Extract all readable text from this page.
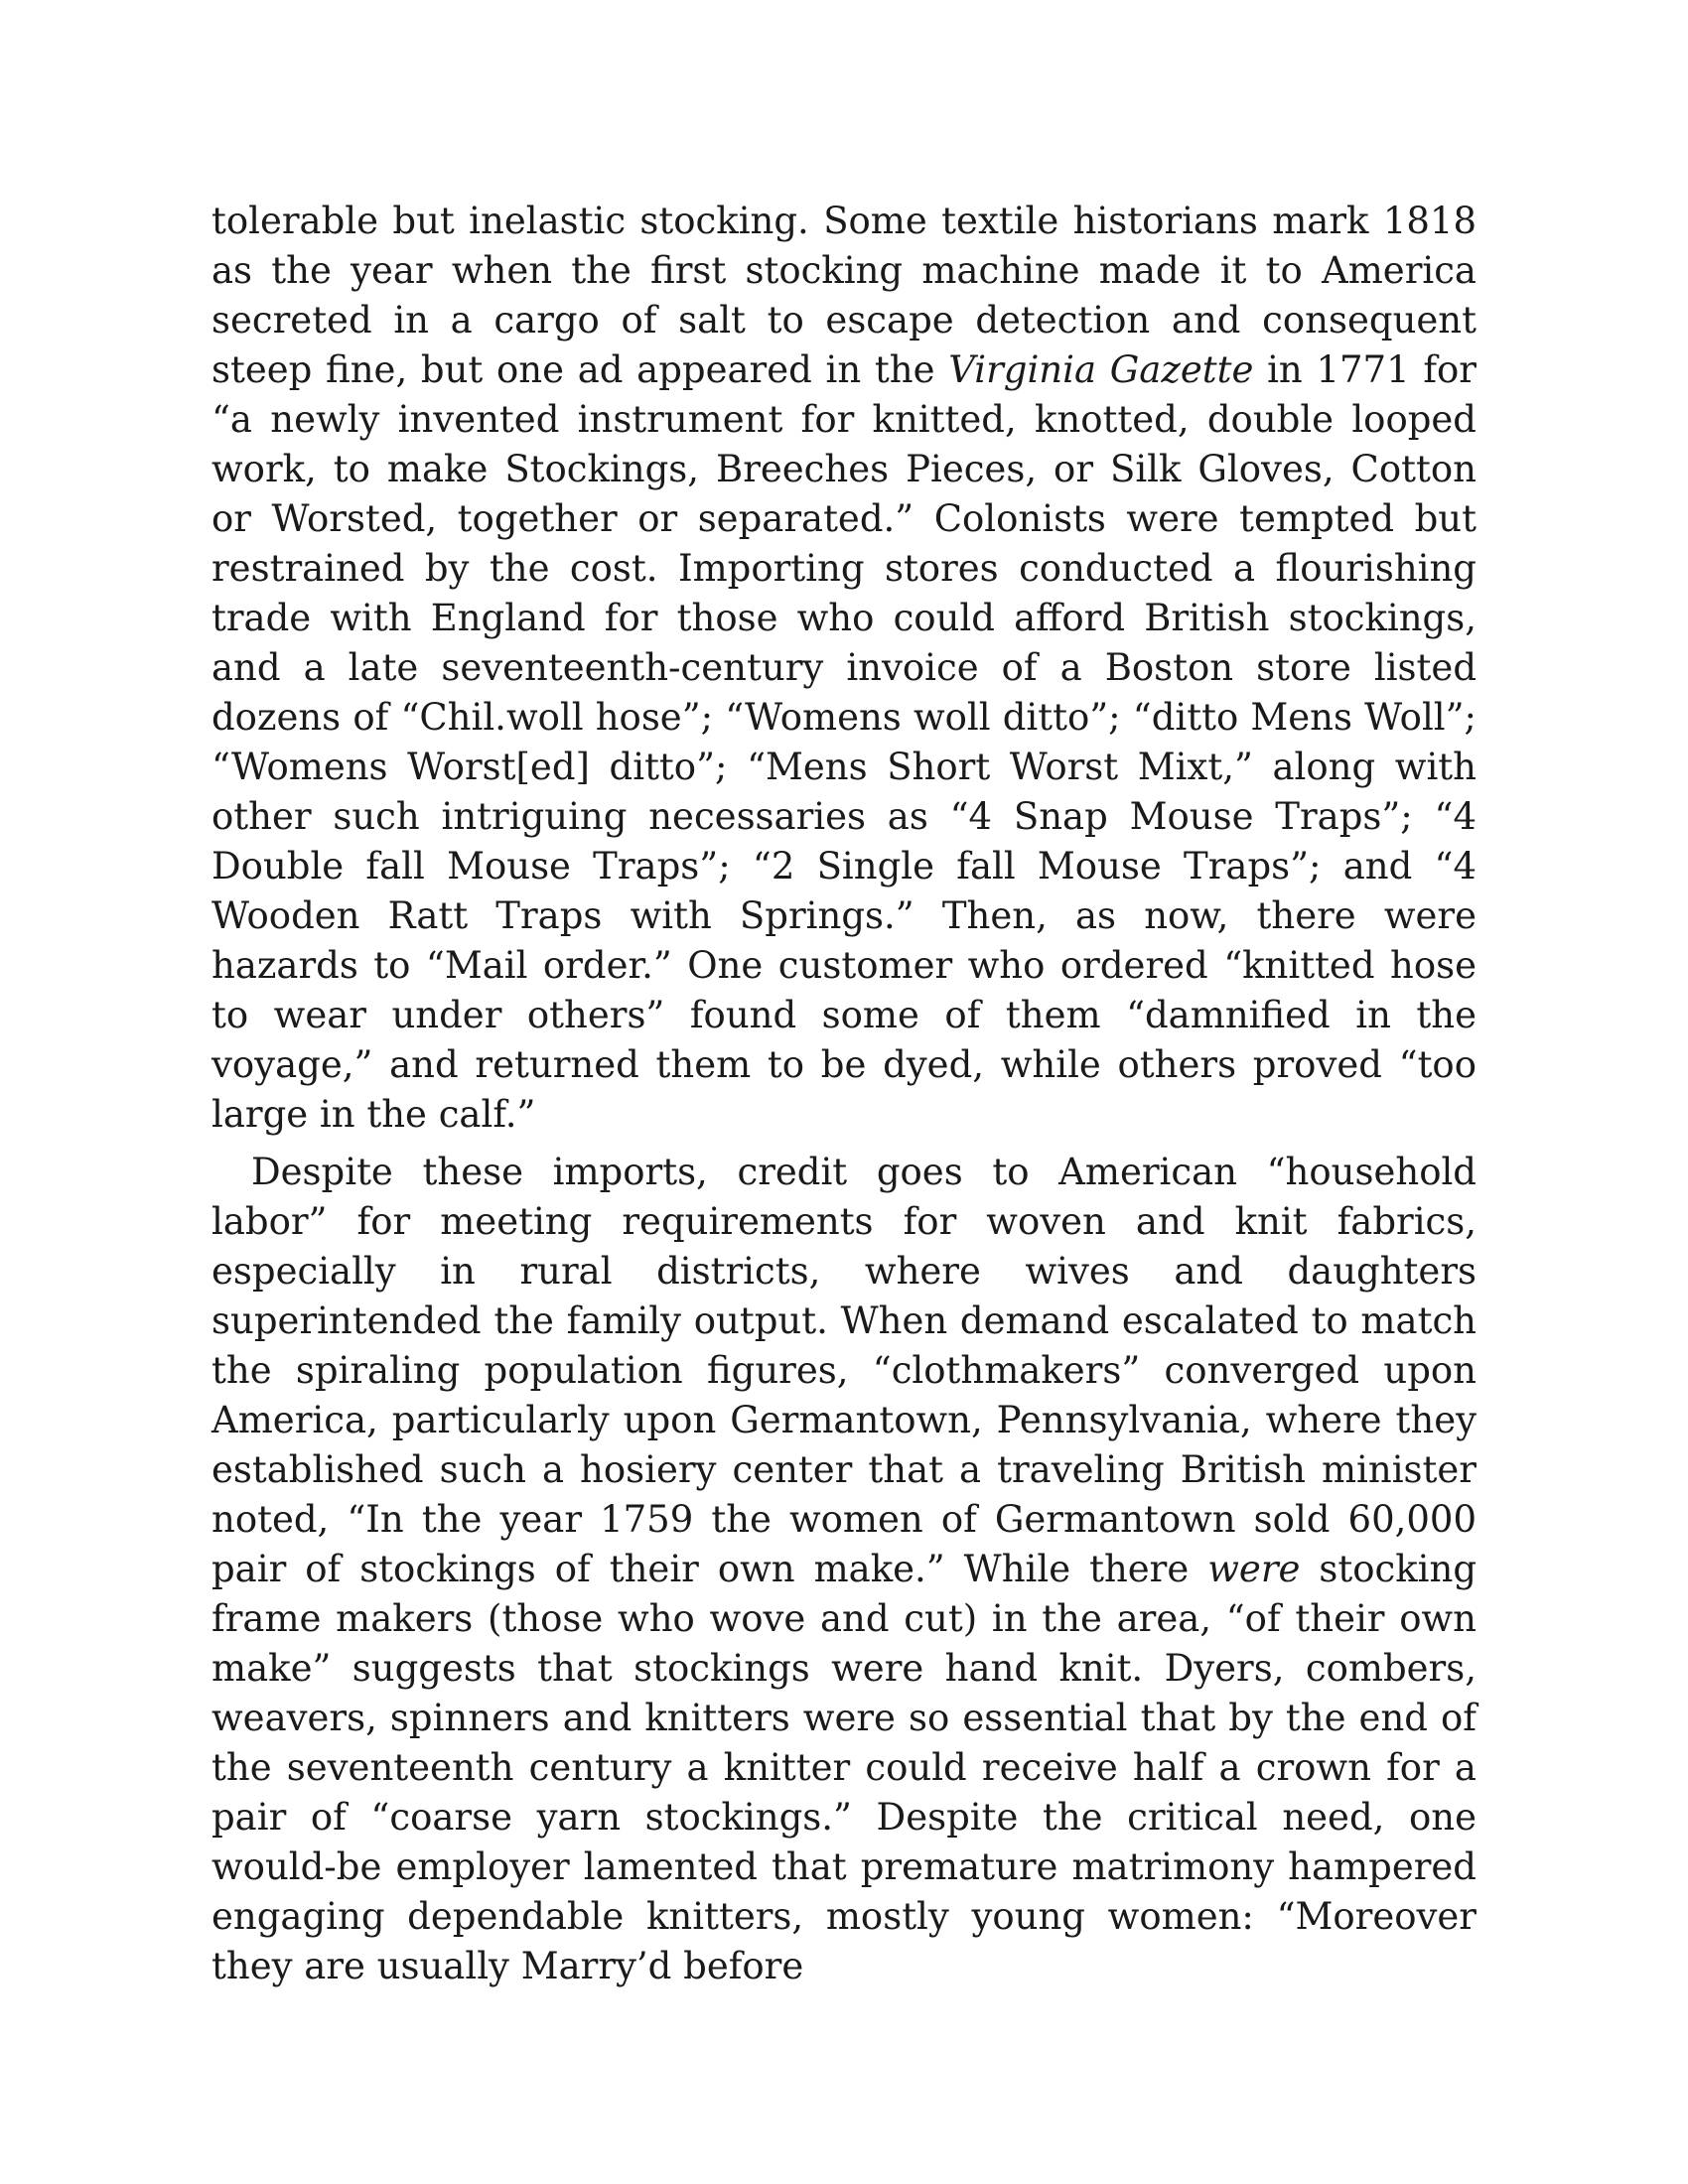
tolerable but inelastic stocking. Some textile historians mark 1818 as the year when the first stocking machine made it to America secreted in a cargo of salt to escape detection and consequent steep fine, but one ad appeared in the Virginia Gazette in 1771 for “a newly invented instrument for knitted, knotted, double looped work, to make Stockings, Breeches Pieces, or Silk Gloves, Cotton or Worsted, together or separated.” Colonists were tempted but restrained by the cost. Importing stores conducted a flourishing trade with England for those who could afford British stockings, and a late seventeenth-century invoice of a Boston store listed dozens of “Chil.woll hose”; “Womens woll ditto”; “ditto Mens Woll”; “Womens Worst[ed] ditto”; “Mens Short Worst Mixt,” along with other such intriguing necessaries as “4 Snap Mouse Traps”; “4 Double fall Mouse Traps”; “2 Single fall Mouse Traps”; and “4 Wooden Ratt Traps with Springs.” Then, as now, there were hazards to “Mail order.” One customer who ordered “knitted hose to wear under others” found some of them “damnified in the voyage,” and returned them to be dyed, while others proved “too large in the calf.”

Despite these imports, credit goes to American “household labor” for meeting requirements for woven and knit fabrics, especially in rural districts, where wives and daughters superintended the family output. When demand escalated to match the spiraling population figures, “clothmakers” converged upon America, particularly upon Germantown, Pennsylvania, where they established such a hosiery center that a traveling British minister noted, “In the year 1759 the women of Germantown sold 60,000 pair of stockings of their own make.” While there were stocking frame makers (those who wove and cut) in the area, “of their own make” suggests that stockings were hand knit. Dyers, combers, weavers, spinners and knitters were so essential that by the end of the seventeenth century a knitter could receive half a crown for a pair of “coarse yarn stockings.” Despite the critical need, one would-be employer lamented that premature matrimony hampered engaging dependable knitters, mostly young women: “Moreover they are usually Marry’d before
